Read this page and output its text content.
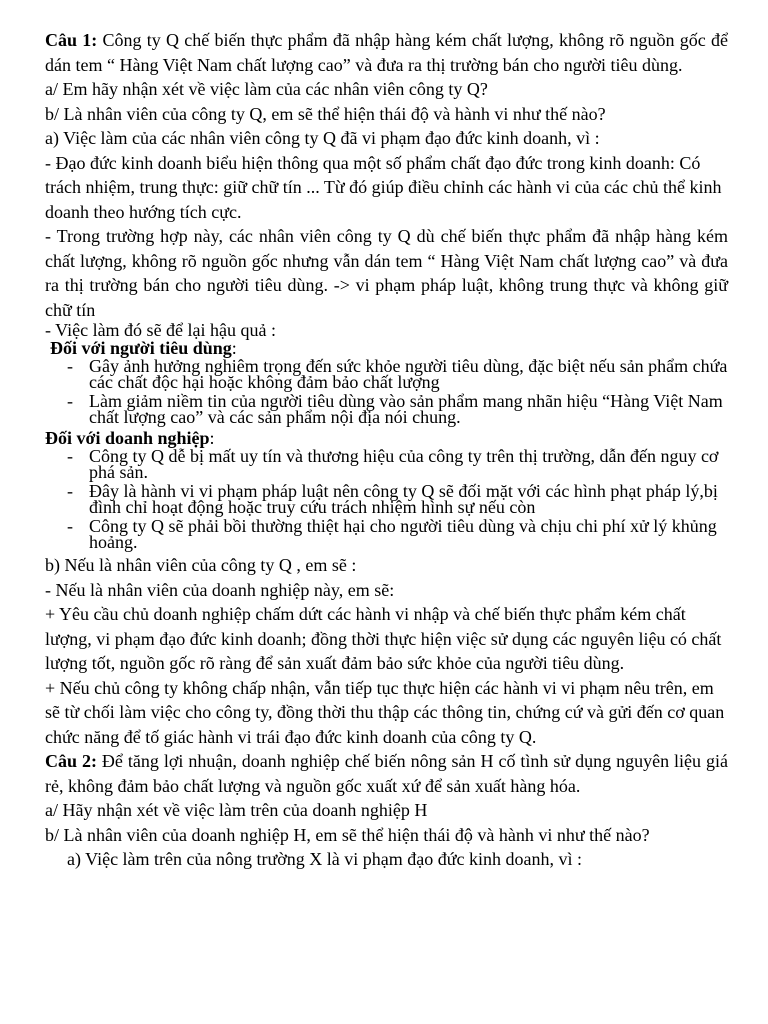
Câu 1: Công ty Q chế biến thực phẩm đã nhập hàng kém chất lượng, không rõ nguồn gốc để dán tem “ Hàng Việt Nam chất lượng cao” và đưa ra thị trường bán cho người tiêu dùng.

a/ Em hãy nhận xét về việc làm của các nhân viên công ty Q?

b/ Là nhân viên của công ty Q, em sẽ thể hiện thái độ và hành vi như thế nào?

a) Việc làm của các nhân viên công ty Q đã vi phạm đạo đức kinh doanh, vì :

- Đạo đức kinh doanh biểu hiện thông qua một số phẩm chất đạo đức trong kinh doanh: Có trách nhiệm, trung thực: giữ chữ tín ... Từ đó giúp điều chỉnh các hành vi của các chủ thể kinh doanh theo hướng tích cực.

- Trong trường hợp này, các nhân viên công ty Q dù chế biến thực phẩm đã nhập hàng kém chất lượng, không rõ nguồn gốc nhưng vẫn dán tem “ Hàng Việt Nam chất lượng cao” và đưa ra thị trường bán cho người tiêu dùng. -> vi phạm pháp luật, không trung thực và không giữ chữ tín

- Việc làm đó sẽ để lại hậu quả :

Đối với người tiêu dùng:

- Gây ảnh hưởng nghiêm trọng đến sức khỏe người tiêu dùng, đặc biệt nếu sản phẩm chứa các chất độc hại hoặc không đảm bảo chất lượng
- Làm giảm niềm tin của người tiêu dùng vào sản phẩm mang nhãn hiệu “Hàng Việt Nam chất lượng cao” và các sản phẩm nội địa nói chung.

Đối với doanh nghiệp:

- Công ty Q dễ bị mất uy tín và thương hiệu của công ty trên thị trường, dẫn đến nguy cơ phá sản.
- Đây là hành vi vi phạm pháp luật nên công ty Q sẽ đối mặt với các hình phạt pháp lý,bị đình chỉ hoạt động hoặc truy cứu trách nhiệm hình sự nếu còn
- Công ty Q sẽ phải bồi thường thiệt hại cho người tiêu dùng và chịu chi phí xử lý khủng hoảng.

b) Nếu là nhân viên của công ty Q , em sẽ :

- Nếu là nhân viên của doanh nghiệp này, em sẽ:

+ Yêu cầu chủ doanh nghiệp chấm dứt các hành vi nhập và chế biến thực phẩm kém chất lượng, vi phạm đạo đức kinh doanh; đồng thời thực hiện việc sử dụng các nguyên liệu có chất lượng tốt, nguồn gốc rõ ràng để sản xuất đảm bảo sức khỏe của người tiêu dùng.

+ Nếu chủ công ty không chấp nhận, vẫn tiếp tục thực hiện các hành vi vi phạm nêu trên, em sẽ từ chối làm việc cho công ty, đồng thời thu thập các thông tin, chứng cứ và gửi đến cơ quan chức năng để tố giác hành vi trái đạo đức kinh doanh của công ty Q.

Câu 2: Để tăng lợi nhuận, doanh nghiệp chế biến nông sản H cố tình sử dụng nguyên liệu giá rẻ, không đảm bảo chất lượng và nguồn gốc xuất xứ để sản xuất hàng hóa.

a/ Hãy nhận xét về việc làm trên của doanh nghiệp H

b/ Là nhân viên của doanh nghiệp H, em sẽ thể hiện thái độ và hành vi như thế nào?

a) Việc làm trên của nông trường X là vi phạm đạo đức kinh doanh, vì :
